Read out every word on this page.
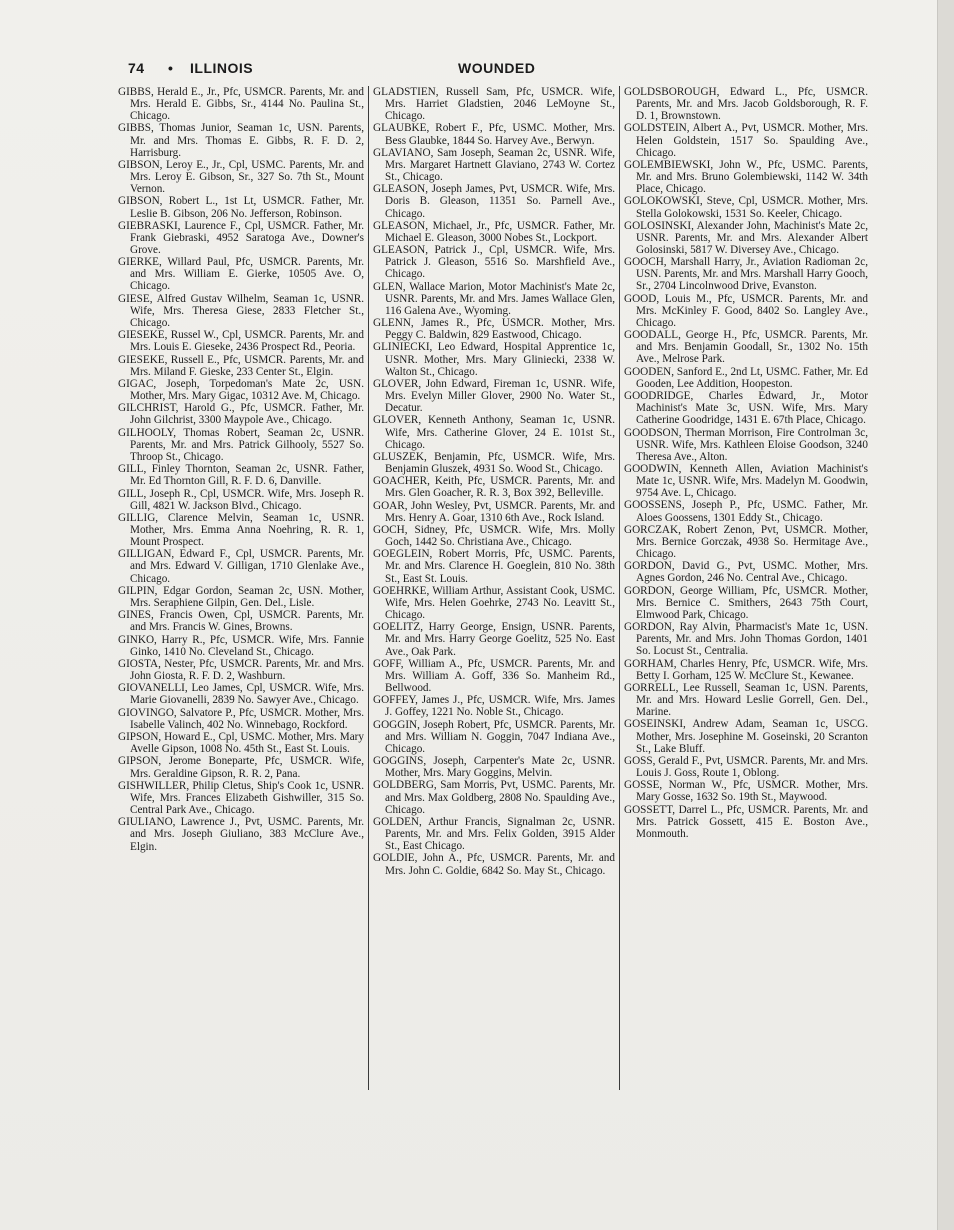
74 • ILLINOIS	WOUNDED

GIBBS, Herald E., Jr., Pfc, USMCR. Parents, Mr. and Mrs. Herald E. Gibbs, Sr., 4144 No. Paulina St., Chicago.

GIBBS, Thomas Junior, Seaman 1c, USN. Parents, Mr. and Mrs. Thomas E. Gibbs, R. F. D. 2, Harrisburg.

GIBSON, Leroy E., Jr., Cpl, USMC. Parents, Mr. and Mrs. Leroy E. Gibson, Sr., 327 So. 7th St., Mount Vernon.

GIBSON, Robert L., 1st Lt, USMCR. Father, Mr. Leslie B. Gibson, 206 No. Jefferson, Robinson.

GIEBRASKI, Laurence F., Cpl, USMCR. Father, Mr. Frank Giebraski, 4952 Saratoga Ave., Downer's Grove.

GIERKE, Willard Paul, Pfc, USMCR. Parents, Mr. and Mrs. William E. Gierke, 10505 Ave. O, Chicago.

GIESE, Alfred Gustav Wilhelm, Seaman 1c, USNR. Wife, Mrs. Theresa Giese, 2833 Fletcher St., Chicago.

GIESEKE, Russel W., Cpl, USMCR. Parents, Mr. and Mrs. Louis E. Gieseke, 2436 Prospect Rd., Peoria.

GIESEKE, Russell E., Pfc, USMCR. Parents, Mr. and Mrs. Miland F. Gieske, 233 Center St., Elgin.

GIGAC, Joseph, Torpedoman's Mate 2c, USN. Mother, Mrs. Mary Gigac, 10312 Ave. M, Chicago.

GILCHRIST, Harold G., Pfc, USMCR. Father, Mr. John Gilchrist, 3300 Maypole Ave., Chicago.

GILHOOLY, Thomas Robert, Seaman 2c, USNR. Parents, Mr. and Mrs. Patrick Gilhooly, 5527 So. Throop St., Chicago.

GILL, Finley Thornton, Seaman 2c, USNR. Father, Mr. Ed Thornton Gill, R. F. D. 6, Danville.

GILL, Joseph R., Cpl, USMCR. Wife, Mrs. Joseph R. Gill, 4821 W. Jackson Blvd., Chicago.

GILLIG, Clarence Melvin, Seaman 1c, USNR. Mother, Mrs. Emma Anna Noehring, R. R. 1, Mount Prospect.

GILLIGAN, Edward F., Cpl, USMCR. Parents, Mr. and Mrs. Edward V. Gilligan, 1710 Glenlake Ave., Chicago.

GILPIN, Edgar Gordon, Seaman 2c, USN. Mother, Mrs. Seraphiene Gilpin, Gen. Del., Lisle.

GINES, Francis Owen, Cpl, USMCR. Parents, Mr. and Mrs. Francis W. Gines, Browns.

GINKO, Harry R., Pfc, USMCR. Wife, Mrs. Fannie Ginko, 1410 No. Cleveland St., Chicago.

GIOSTA, Nester, Pfc, USMCR. Parents, Mr. and Mrs. John Giosta, R. F. D. 2, Washburn.

GIOVANELLI, Leo James, Cpl, USMCR. Wife, Mrs. Marie Giovanelli, 2839 No. Sawyer Ave., Chicago.

GIOVINGO, Salvatore P., Pfc, USMCR. Mother, Mrs. Isabelle Valinch, 402 No. Winnebago, Rockford.

GIPSON, Howard E., Cpl, USMC. Mother, Mrs. Mary Avelle Gipson, 1008 No. 45th St., East St. Louis.

GIPSON, Jerome Boneparte, Pfc, USMCR. Wife, Mrs. Geraldine Gipson, R. R. 2, Pana.

GISHWILLER, Philip Cletus, Ship's Cook 1c, USNR. Wife, Mrs. Frances Elizabeth Gishwiller, 315 So. Central Park Ave., Chicago.

GIULIANO, Lawrence J., Pvt, USMC. Parents, Mr. and Mrs. Joseph Giuliano, 383 McClure Ave., Elgin.

GLADSTIEN, Russell Sam, Pfc, USMCR. Wife, Mrs. Harriet Gladstien, 2046 LeMoyne St., Chicago.

GLAUBKE, Robert F., Pfc, USMC. Mother, Mrs. Bess Glaubke, 1844 So. Harvey Ave., Berwyn.

GLAVIANO, Sam Joseph, Seaman 2c, USNR. Wife, Mrs. Margaret Hartnett Glaviano, 2743 W. Cortez St., Chicago.

GLEASON, Joseph James, Pvt, USMCR. Wife, Mrs. Doris B. Gleason, 11351 So. Parnell Ave., Chicago.

GLEASON, Michael, Jr., Pfc, USMCR. Father, Mr. Michael E. Gleason, 3000 Nobes St., Lockport.

GLEASON, Patrick J., Cpl, USMCR. Wife, Mrs. Patrick J. Gleason, 5516 So. Marshfield Ave., Chicago.

GLEN, Wallace Marion, Motor Machinist's Mate 2c, USNR. Parents, Mr. and Mrs. James Wallace Glen, 116 Galena Ave., Wyoming.

GLENN, James R., Pfc, USMCR. Mother, Mrs. Peggy C. Baldwin, 829 Eastwood, Chicago.

GLINIECKI, Leo Edward, Hospital Apprentice 1c, USNR. Mother, Mrs. Mary Gliniecki, 2338 W. Walton St., Chicago.

GLOVER, John Edward, Fireman 1c, USNR. Wife, Mrs. Evelyn Miller Glover, 2900 No. Water St., Decatur.

GLOVER, Kenneth Anthony, Seaman 1c, USNR. Wife, Mrs. Catherine Glover, 24 E. 101st St., Chicago.

GLUSZEK, Benjamin, Pfc, USMCR. Wife, Mrs. Benjamin Gluszek, 4931 So. Wood St., Chicago.

GOACHER, Keith, Pfc, USMCR. Parents, Mr. and Mrs. Glen Goacher, R. R. 3, Box 392, Belleville.

GOAR, John Wesley, Pvt, USMCR. Parents, Mr. and Mrs. Henry A. Goar, 1310 6th Ave., Rock Island.

GOCH, Sidney, Pfc, USMCR. Wife, Mrs. Molly Goch, 1442 So. Christiana Ave., Chicago.

GOEGLEIN, Robert Morris, Pfc, USMC. Parents, Mr. and Mrs. Clarence H. Goeglein, 810 No. 38th St., East St. Louis.

GOEHRKE, William Arthur, Assistant Cook, USMC. Wife, Mrs. Helen Goehrke, 2743 No. Leavitt St., Chicago.

GOELITZ, Harry George, Ensign, USNR. Parents, Mr. and Mrs. Harry George Goelitz, 525 No. East Ave., Oak Park.

GOFF, William A., Pfc, USMCR. Parents, Mr. and Mrs. William A. Goff, 336 So. Manheim Rd., Bellwood.

GOFFEY, James J., Pfc, USMCR. Wife, Mrs. James J. Goffey, 1221 No. Noble St., Chicago.

GOGGIN, Joseph Robert, Pfc, USMCR. Parents, Mr. and Mrs. William N. Goggin, 7047 Indiana Ave., Chicago.

GOGGINS, Joseph, Carpenter's Mate 2c, USNR. Mother, Mrs. Mary Goggins, Melvin.

GOLDBERG, Sam Morris, Pvt, USMC. Parents, Mr. and Mrs. Max Goldberg, 2808 No. Spaulding Ave., Chicago.

GOLDEN, Arthur Francis, Signalman 2c, USNR. Parents, Mr. and Mrs. Felix Golden, 3915 Alder St., East Chicago.

GOLDIE, John A., Pfc, USMCR. Parents, Mr. and Mrs. John C. Goldie, 6842 So. May St., Chicago.

GOLDSBOROUGH, Edward L., Pfc, USMCR. Parents, Mr. and Mrs. Jacob Goldsborough, R. F. D. 1, Brownstown.

GOLDSTEIN, Albert A., Pvt, USMCR. Mother, Mrs. Helen Goldstein, 1517 So. Spaulding Ave., Chicago.

GOLEMBIEWSKI, John W., Pfc, USMC. Parents, Mr. and Mrs. Bruno Golembiewski, 1142 W. 34th Place, Chicago.

GOLOKOWSKI, Steve, Cpl, USMCR. Mother, Mrs. Stella Golokowski, 1531 So. Keeler, Chicago.

GOLOSINSKI, Alexander John, Machinist's Mate 2c, USNR. Parents, Mr. and Mrs. Alexander Albert Golosinski, 5817 W. Diversey Ave., Chicago.

GOOCH, Marshall Harry, Jr., Aviation Radioman 2c, USN. Parents, Mr. and Mrs. Marshall Harry Gooch, Sr., 2704 Lincolnwood Drive, Evanston.

GOOD, Louis M., Pfc, USMCR. Parents, Mr. and Mrs. McKinley F. Good, 8402 So. Langley Ave., Chicago.

GOODALL, George H., Pfc, USMCR. Parents, Mr. and Mrs. Benjamin Goodall, Sr., 1302 No. 15th Ave., Melrose Park.

GOODEN, Sanford E., 2nd Lt, USMC. Father, Mr. Ed Gooden, Lee Addition, Hoopeston.

GOODRIDGE, Charles Edward, Jr., Motor Machinist's Mate 3c, USN. Wife, Mrs. Mary Catherine Goodridge, 1431 E. 67th Place, Chicago.

GOODSON, Therman Morrison, Fire Controlman 3c, USNR. Wife, Mrs. Kathleen Eloise Goodson, 3240 Theresa Ave., Alton.

GOODWIN, Kenneth Allen, Aviation Machinist's Mate 1c, USNR. Wife, Mrs. Madelyn M. Goodwin, 9754 Ave. L, Chicago.

GOOSSENS, Joseph P., Pfc, USMC. Father, Mr. Aloes Goossens, 1301 Eddy St., Chicago.

GORCZAK, Robert Zenon, Pvt, USMCR. Mother, Mrs. Bernice Gorczak, 4938 So. Hermitage Ave., Chicago.

GORDON, David G., Pvt, USMC. Mother, Mrs. Agnes Gordon, 246 No. Central Ave., Chicago.

GORDON, George William, Pfc, USMCR. Mother, Mrs. Bernice C. Smithers, 2643 75th Court, Elmwood Park, Chicago.

GORDON, Ray Alvin, Pharmacist's Mate 1c, USN. Parents, Mr. and Mrs. John Thomas Gordon, 1401 So. Locust St., Centralia.

GORHAM, Charles Henry, Pfc, USMCR. Wife, Mrs. Betty I. Gorham, 125 W. McClure St., Kewanee.

GORRELL, Lee Russell, Seaman 1c, USN. Parents, Mr. and Mrs. Howard Leslie Gorrell, Gen. Del., Marine.

GOSEINSKI, Andrew Adam, Seaman 1c, USCG. Mother, Mrs. Josephine M. Goseinski, 20 Scranton St., Lake Bluff.

GOSS, Gerald F., Pvt, USMCR. Parents, Mr. and Mrs. Louis J. Goss, Route 1, Oblong.

GOSSE, Norman W., Pfc, USMCR. Mother, Mrs. Mary Gosse, 1632 So. 19th St., Maywood.

GOSSETT, Darrel L., Pfc, USMCR. Parents, Mr. and Mrs. Patrick Gossett, 415 E. Boston Ave., Monmouth.
